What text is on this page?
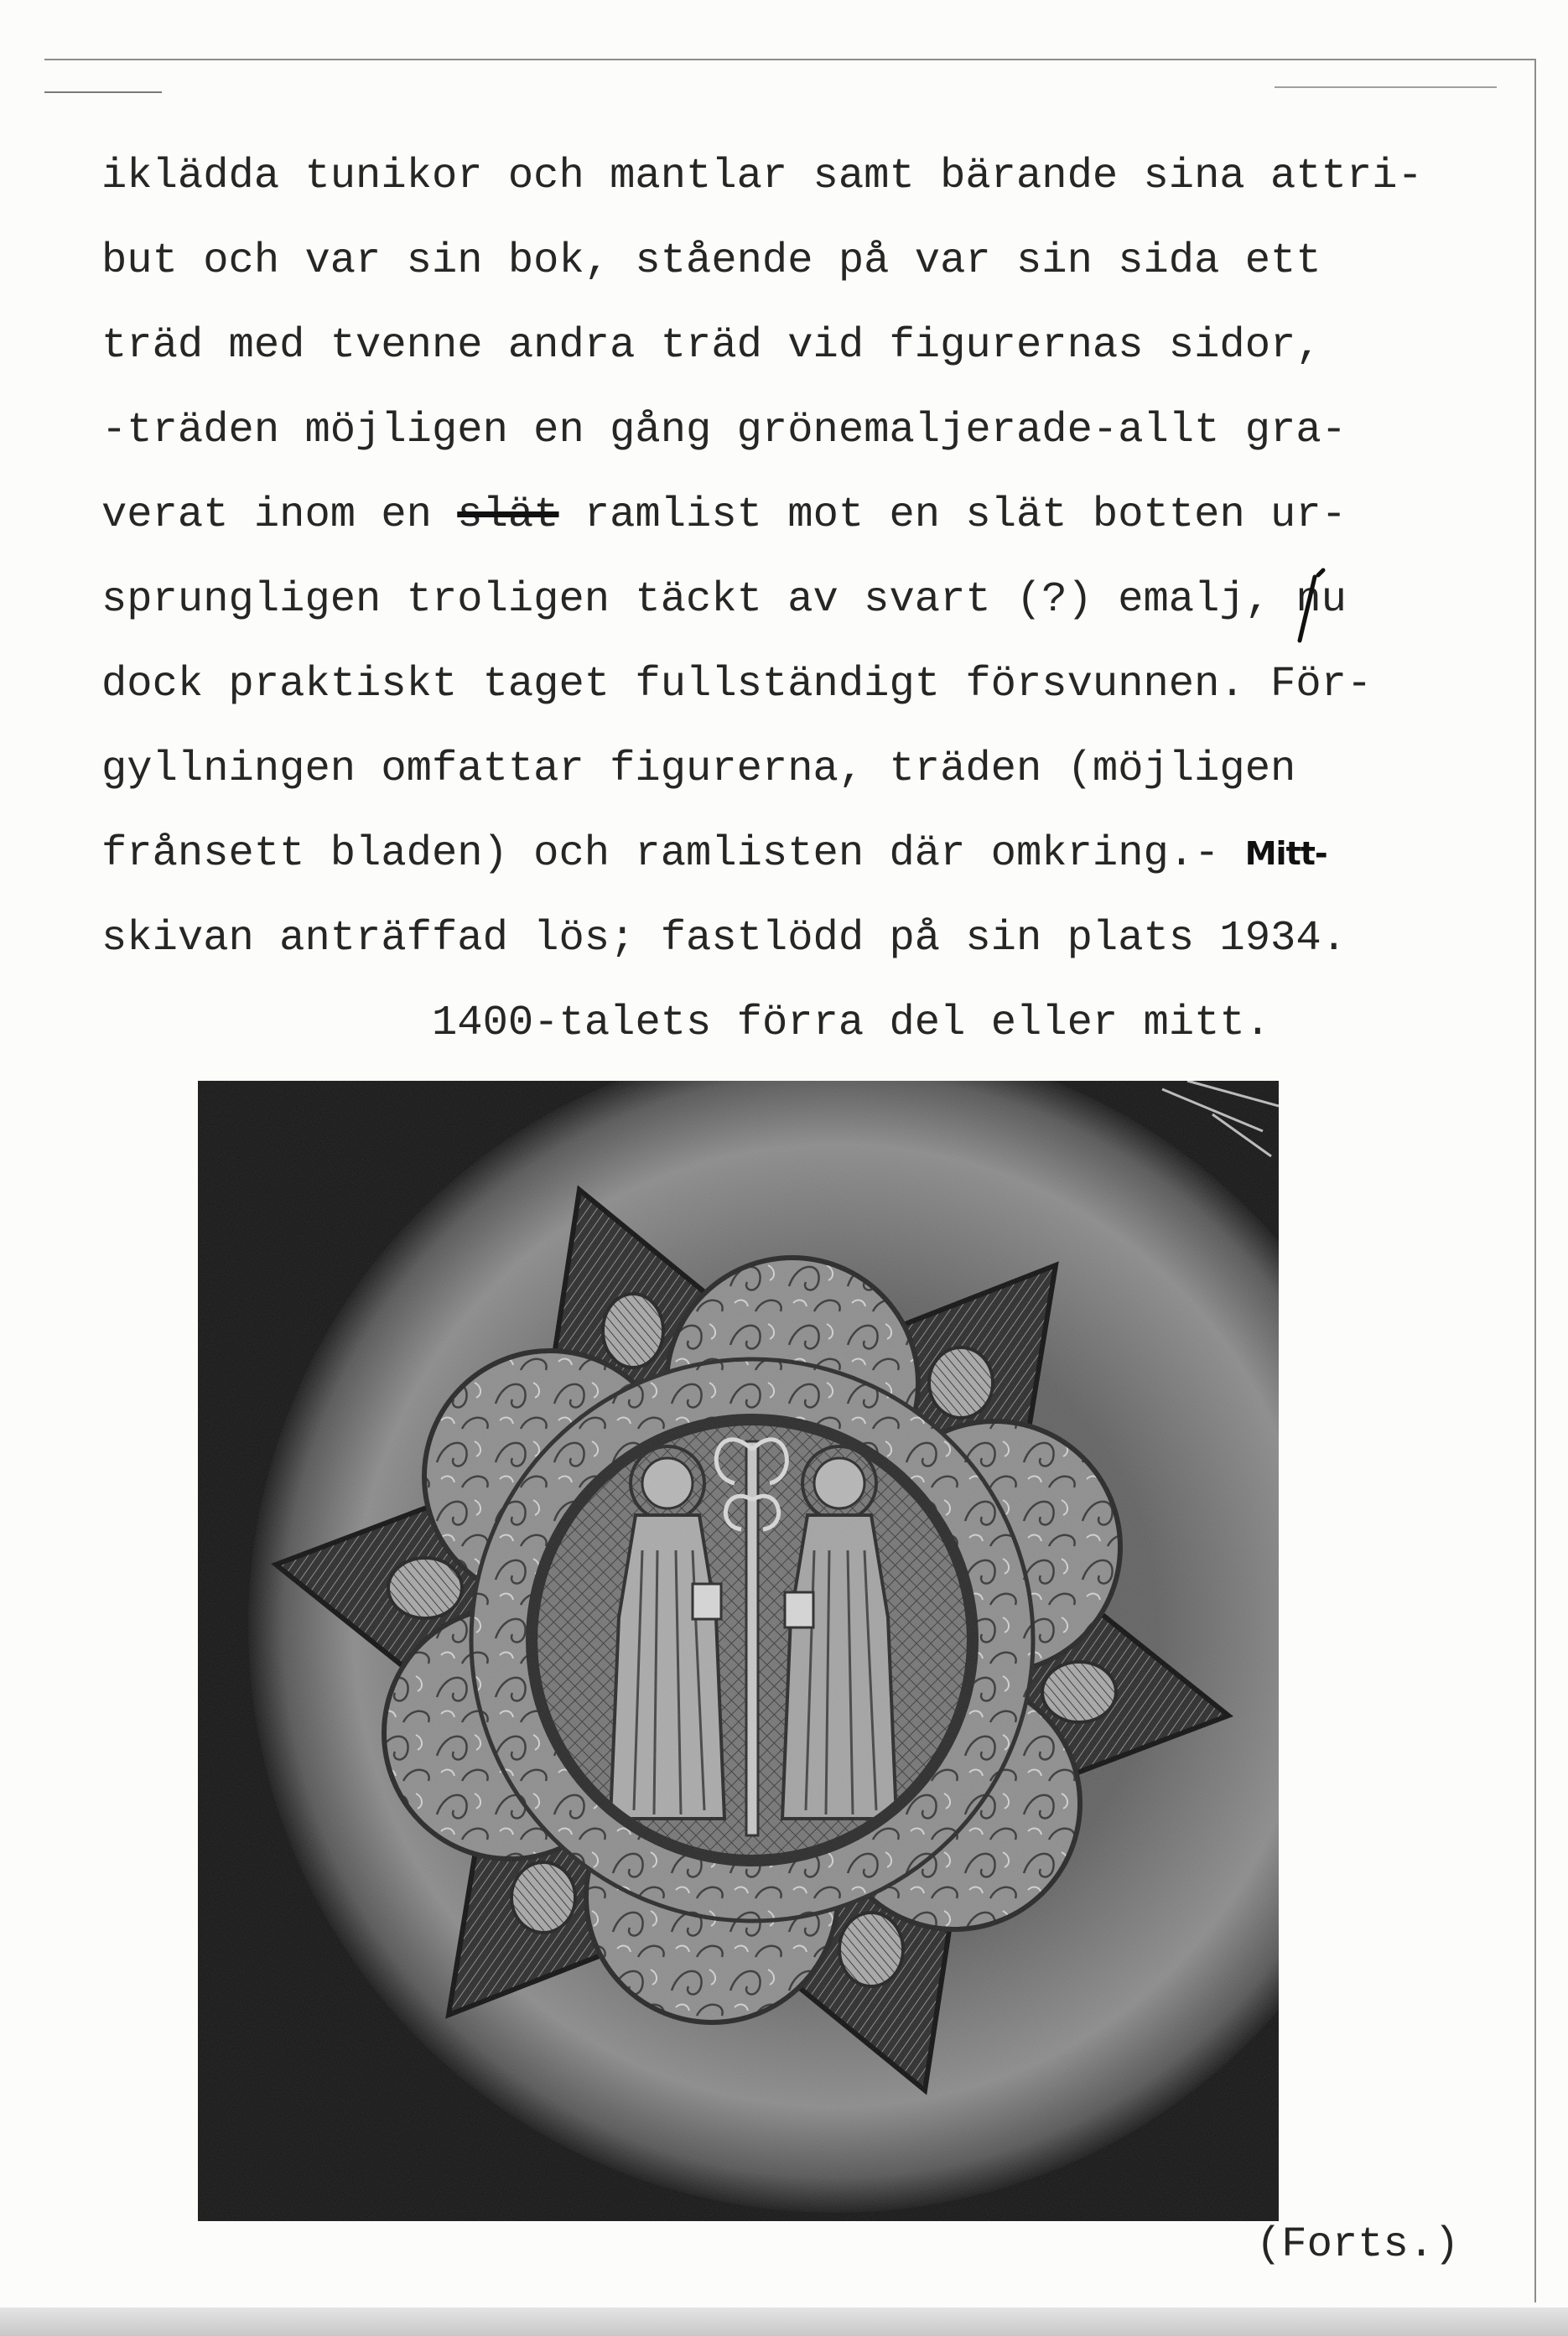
iklädda tunikor och mantlar samt bärande sina attri-
but och var sin bok, stående på var sin sida ett
träd med tvenne andra träd vid figurernas sidor,
-träden möjligen en gång grönemaljerade-allt gra-
verat inom en slät ramlist mot en slät botten ur-
sprungligen troligen täckt av svart (?) emalj, nu
dock praktiskt taget fullständigt försvunnen. För-
gyllningen omfattar figurerna, träden (möjligen
frånsett bladen) och ramlisten där omkring.- Mitt-
skivan anträffad lös; fastlödd på sin plats 1934.
1400-talets förra del eller mitt.
(Forts.)
